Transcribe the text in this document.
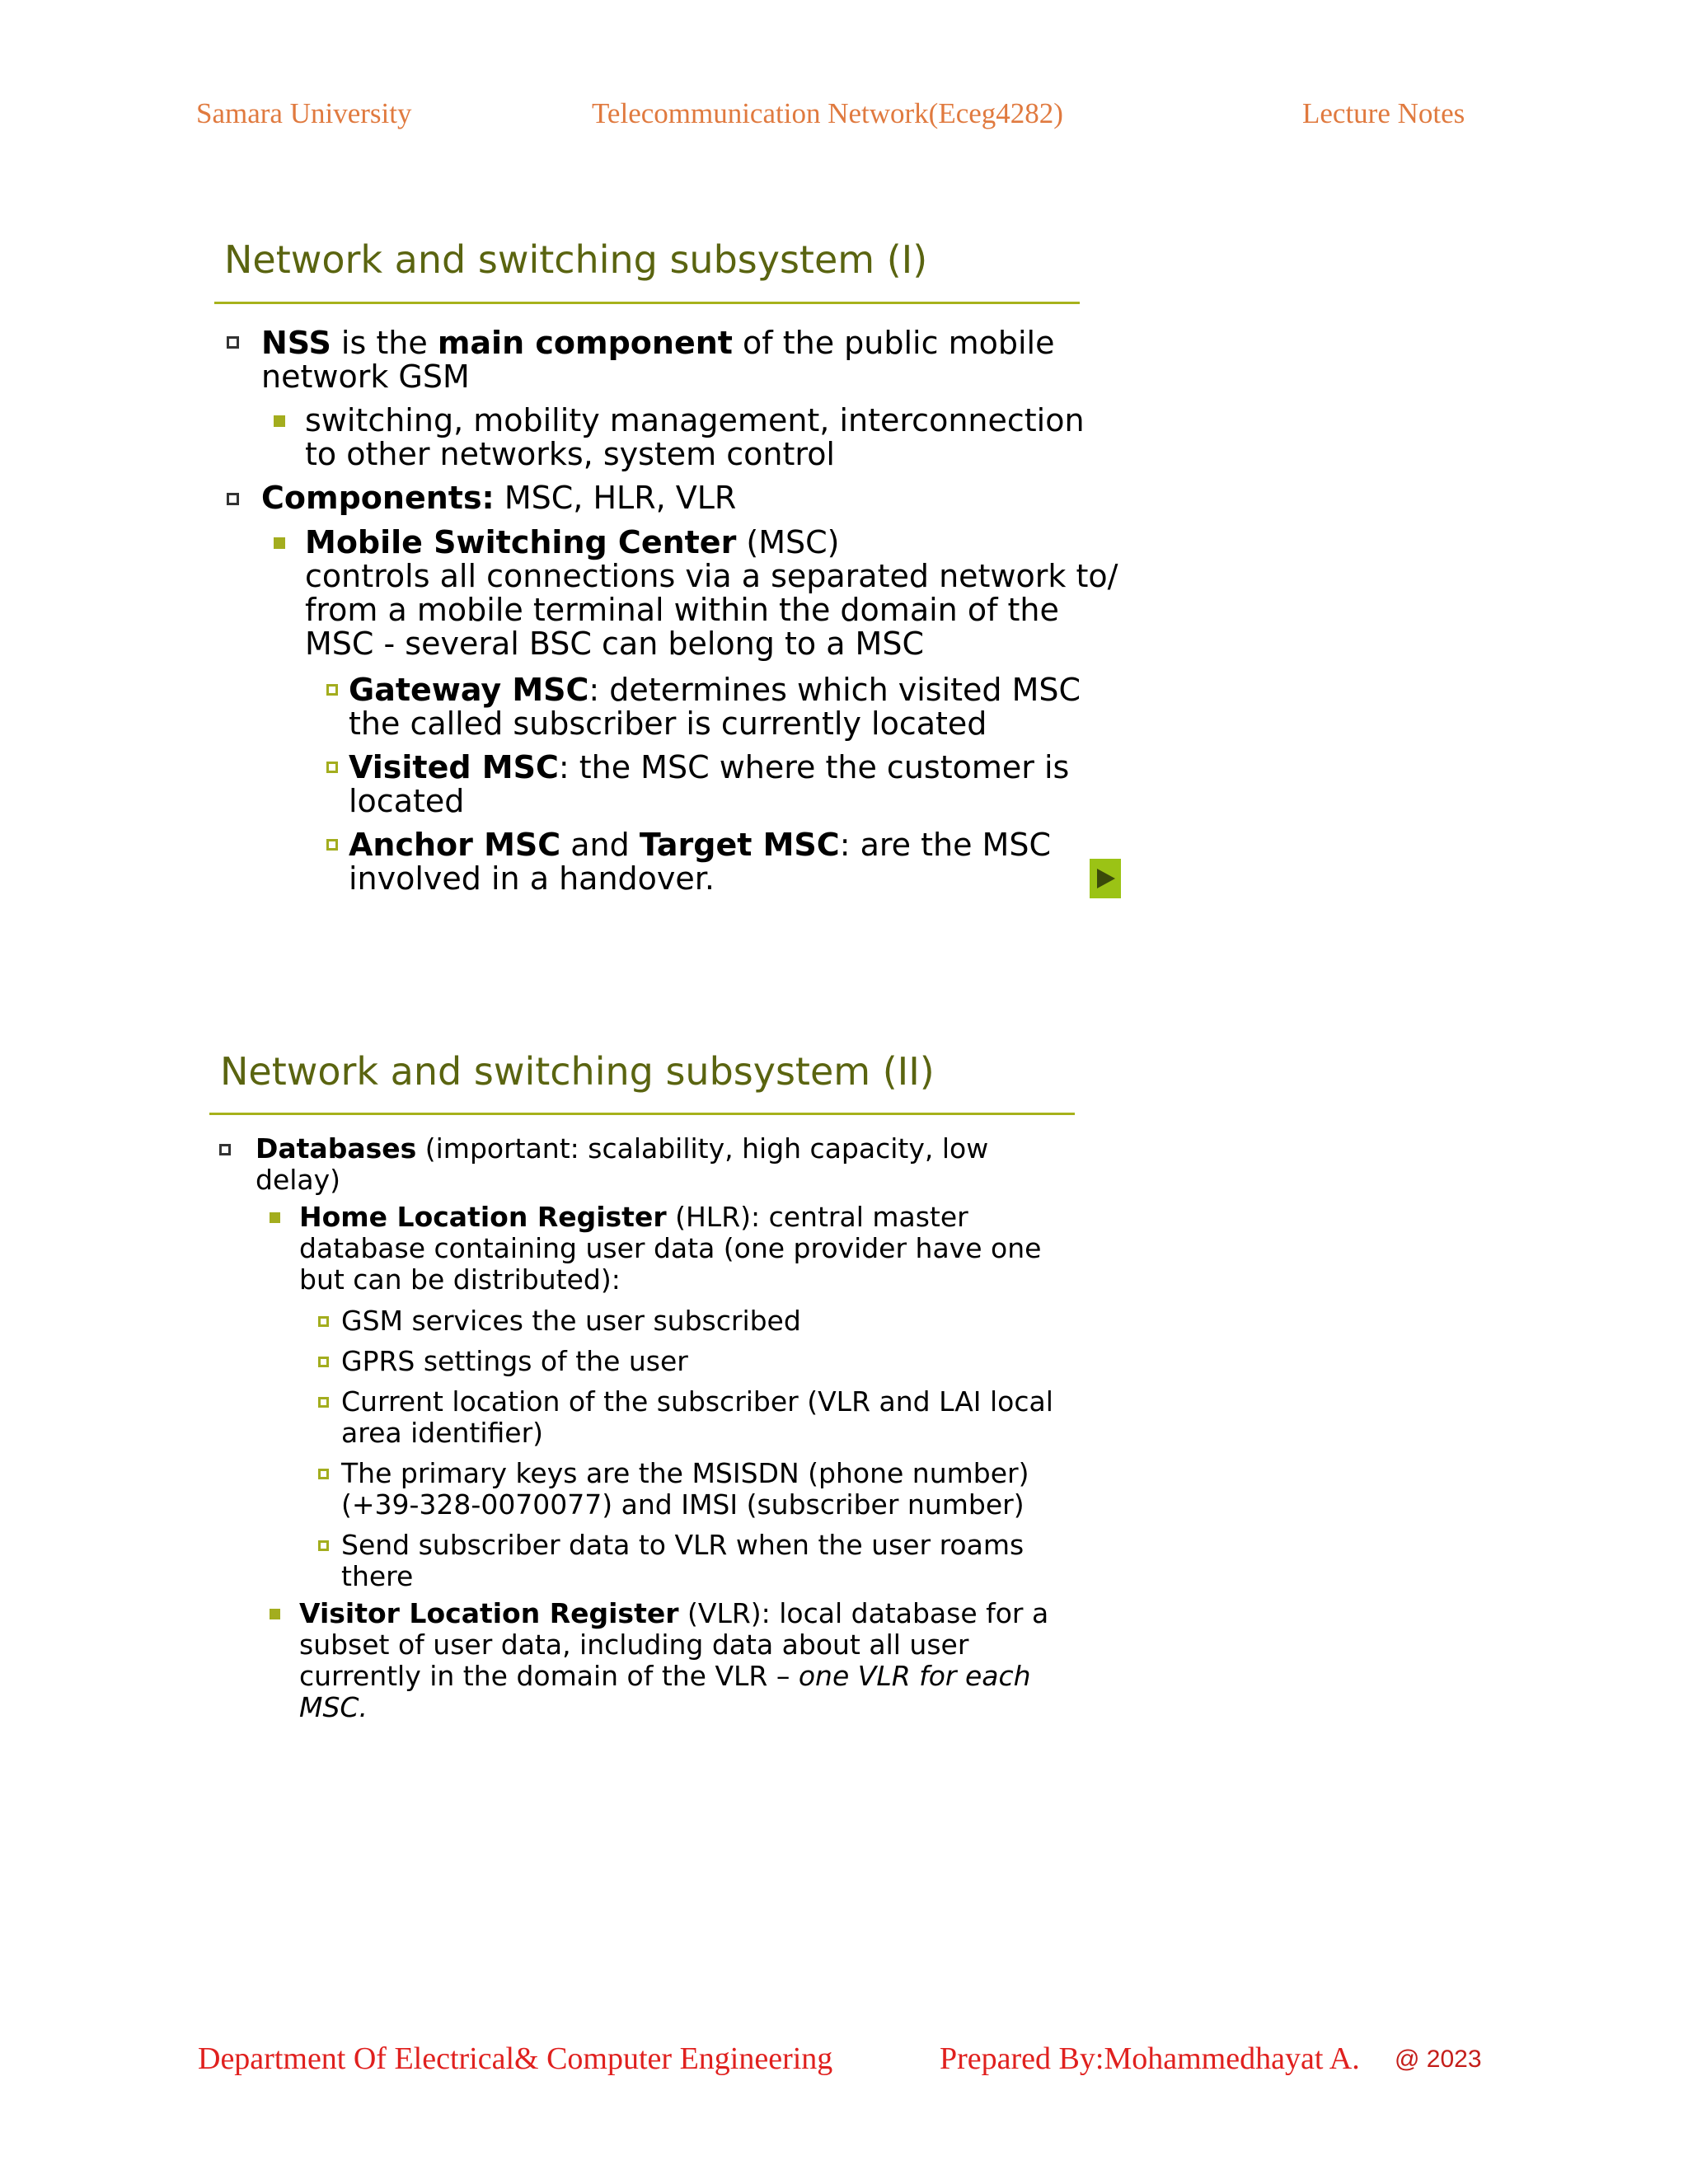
Samara University	Telecommunication Network(Eceg4282)	Lecture Notes
Network and switching subsystem (I)
NSS is the main component of the public mobile
network GSM
switching, mobility management, interconnection
to other networks, system control
Components: MSC, HLR, VLR
Mobile Switching Center (MSC)
controls all connections via a separated network to/
from a mobile terminal within the domain of the
MSC - several BSC can belong to a MSC
Gateway MSC: determines which visited MSC
the called subscriber is currently located
Visited MSC: the MSC where the customer is
located
Anchor MSC and Target MSC: are the MSC
involved in a handover.
Network and switching subsystem (II)
Databases (important: scalability, high capacity, low
delay)
Home Location Register (HLR): central master
database containing user data (one provider have one
but can be distributed):
GSM services the user subscribed
GPRS settings of the user
Current location of the subscriber (VLR and LAI local
area identifier)
The primary keys are the MSISDN (phone number)
(+39-328-0070077) and IMSI (subscriber number)
Send subscriber data to VLR when the user roams
there
Visitor Location Register (VLR): local database for a
subset of user data, including data about all user
currently in the domain of the VLR – one VLR for each
MSC.
Department Of Electrical& Computer Engineering	Prepared By:Mohammedhayat A. @ 2023
